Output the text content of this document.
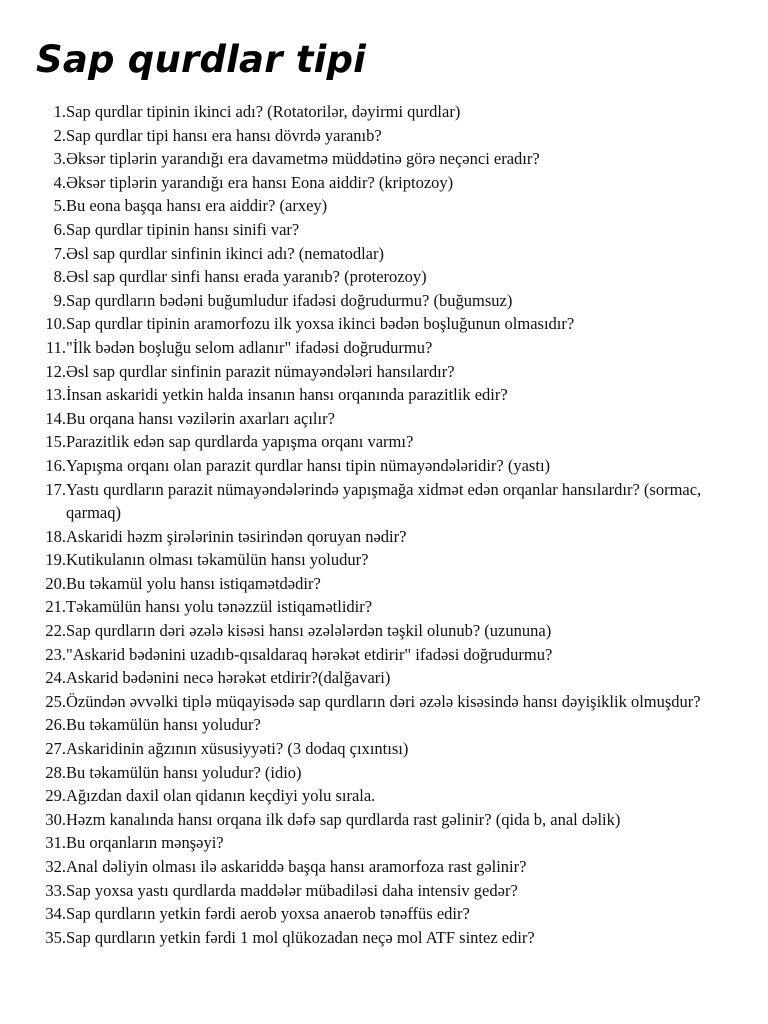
Sap qurdlar tipi
1. Sap qurdlar tipinin ikinci adı? (Rotatorilər, dəyirmi qurdlar)
2. Sap qurdlar tipi hansı era hansı dövrdə yaranıb?
3. Əksər tiplərin yarandığı era davametmə müddətinə görə neçənci eradır?
4. Əksər tiplərin yarandığı era hansı Eona aiddir? (kriptozoy)
5. Bu eona başqa hansı era aiddir? (arxey)
6. Sap qurdlar tipinin hansı sinifi var?
7. Əsl sap qurdlar sinfinin ikinci adı? (nematodlar)
8. Əsl sap qurdlar sinfi hansı erada yaranıb? (proterozoy)
9. Sap qurdların bədəni buğumludur ifadəsi doğrudurmu? (buğumsuz)
10. Sap qurdlar tipinin aramorfozu ilk yoxsa ikinci bədən boşluğunun olmasıdır?
11. "İlk bədən boşluğu selom adlanır" ifadəsi doğrudurmu?
12. Əsl sap qurdlar sinfinin parazit nümayəndələri hansılardır?
13. İnsan askaridi yetkin halda insanın hansı orqanında parazitlik edir?
14. Bu orqana hansı vəzilərin axarları açılır?
15. Parazitlik edən sap qurdlarda yapışma orqanı varmı?
16. Yapışma orqanı olan parazit qurdlar hansı tipin nümayəndələridir? (yastı)
17. Yastı qurdların parazit nümayəndələrində yapışmağa xidmət edən orqanlar hansılardır? (sormac, qarmaq)
18. Askaridi həzm şirələrinin təsirindən qoruyan nədir?
19. Kutikulanın olması təkamülün hansı yoludur?
20. Bu təkamül yolu hansı istiqamətdədir?
21. Təkamülün hansı yolu tənəzzül istiqamətlidir?
22. Sap qurdların dəri əzələ kisəsi hansı əzələlərdən təşkil olunub? (uzununa)
23. "Askarid bədənini uzadıb-qısaldaraq hərəkət etdirir" ifadəsi doğrudurmu?
24. Askarid bədənini necə hərəkət etdirir?(dalğavari)
25. Özündən əvvəlki tiplə müqayisədə sap qurdların dəri əzələ kisəsində hansı dəyişiklik olmuşdur?
26. Bu təkamülün hansı yoludur?
27. Askaridinin ağzının xüsusiyyəti? (3 dodaq çıxıntısı)
28. Bu təkamülün hansı yoludur? (idio)
29. Ağızdan daxil olan qidanın keçdiyi yolu sırala.
30. Həzm kanalında hansı orqana ilk dəfə sap qurdlarda rast gəlinir? (qida b, anal dəlik)
31. Bu orqanların mənşəyi?
32. Anal dəliyin olması ilə askariddə başqa hansı aramorfoza rast gəlinir?
33. Sap yoxsa yastı qurdlarda maddələr mübadiləsi daha intensiv gedər?
34. Sap qurdların yetkin fərdi aerob yoxsa anaerob tənəffüs edir?
35. Sap qurdların yetkin fərdi 1 mol qlükozadan neçə mol ATF sintez edir?
